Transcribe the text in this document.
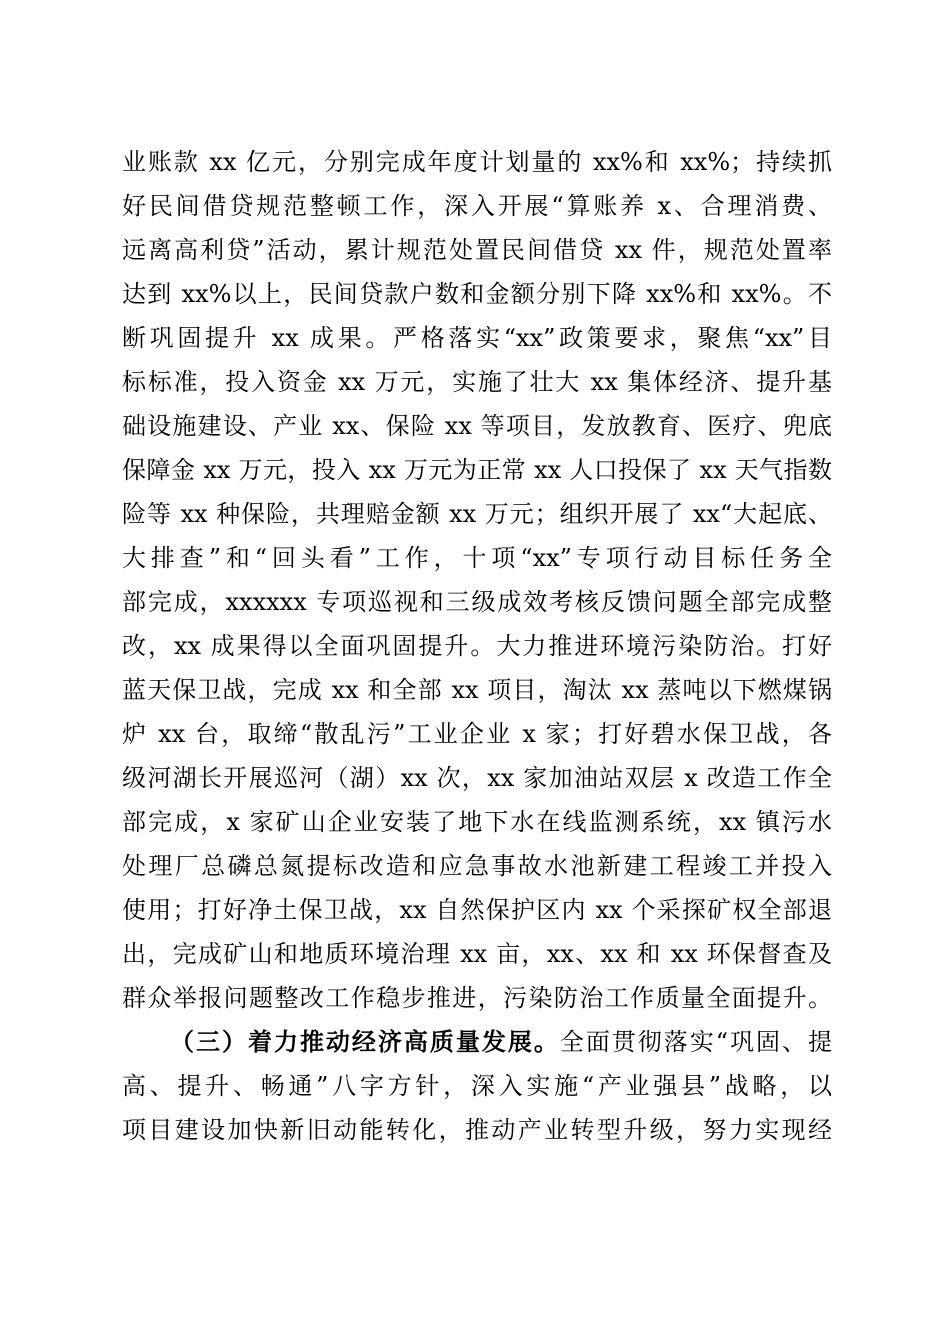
业账款 xx 亿元，分别完成年度计划量的 xx%和 xx%；持续抓
好民间借贷规范整顿工作，深入开展“算账养 x、合理消费、
远离高利贷”活动，累计规范处置民间借贷 xx 件，规范处置率
达到 xx%以上，民间贷款户数和金额分别下降 xx%和 xx%。不
断巩固提升 xx 成果。严格落实“xx”政策要求，聚焦“xx”目
标标准，投入资金 xx 万元，实施了壮大 xx 集体经济、提升基
础设施建设、产业 xx、保险 xx 等项目，发放教育、医疗、兜底
保障金 xx 万元，投入 xx 万元为正常 xx 人口投保了 xx 天气指数
险等 xx 种保险，共理赔金额 xx 万元；组织开展了 xx“大起底、
大排查”和“回头看”工作，十项“xx”专项行动目标任务全
部完成，xxxxxx 专项巡视和三级成效考核反馈问题全部完成整
改，xx 成果得以全面巩固提升。大力推进环境污染防治。打好
蓝天保卫战，完成 xx 和全部 xx 项目，淘汰 xx 蒸吨以下燃煤锅
炉 xx 台，取缔“散乱污”工业企业 x 家；打好碧水保卫战，各
级河湖长开展巡河（湖）xx 次，xx 家加油站双层 x 改造工作全
部完成，x 家矿山企业安装了地下水在线监测系统，xx 镇污水
处理厂总磷总氮提标改造和应急事故水池新建工程竣工并投入
使用；打好净土保卫战，xx 自然保护区内 xx 个采探矿权全部退
出，完成矿山和地质环境治理 xx 亩，xx、xx 和 xx 环保督查及
群众举报问题整改工作稳步推进，污染防治工作质量全面提升。
（三）着力推动经济高质量发展。全面贯彻落实“巩固、提
高、提升、畅通”八字方针，深入实施“产业强县”战略，以
项目建设加快新旧动能转化，推动产业转型升级，努力实现经
